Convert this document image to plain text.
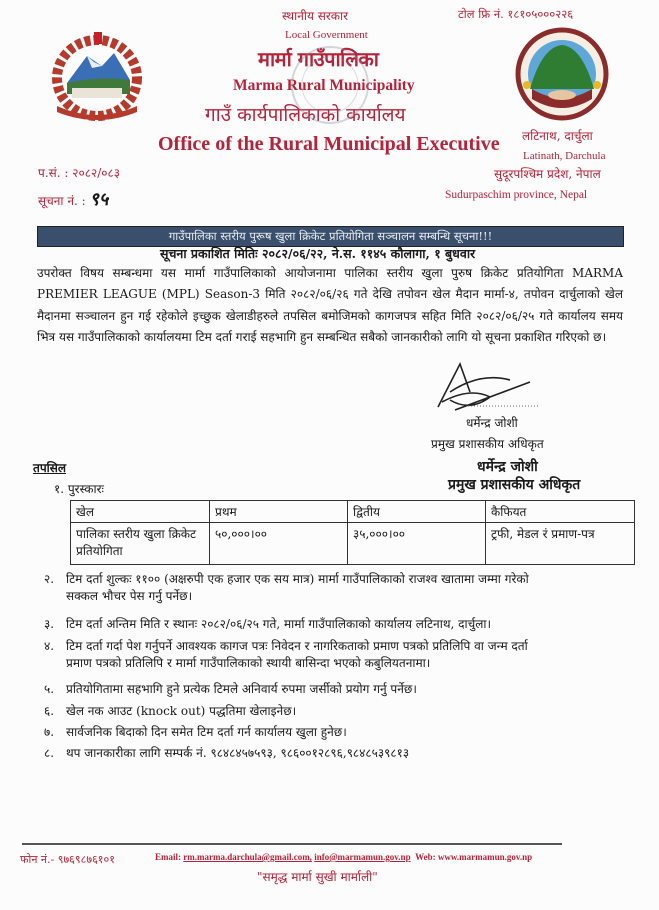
स्थानीय सरकार
Local Government
मार्मा गाउँपालिका
Marma Rural Municipality
गाउँ कार्यपालिकाको कार्यालय
Office of the Rural Municipal Executive
टोल फ्रि नं. १८१०५०००२२६
लटिनाथ, दार्चुला
Latinath, Darchula
सुदूरपश्चिम प्रदेश, नेपाल
Sudurpaschim province, Nepal
प.सं. : २०८२/०८३
सूचना नं. : ९५
गाउँपालिका स्तरीय पुरूष खुला क्रिकेट प्रतियोगिता सञ्चालन सम्बन्धि सूचना!!!
सूचना प्रकाशित मितिः २०८२/०६/२२, ने.स. ११४५ कौलागा, १ बुधवार
उपरोक्त विषय सम्बन्धमा यस मार्मा गाउँपालिकाको आयोजनामा पालिका स्तरीय खुला पुरुष क्रिकेट प्रतियोगिता MARMA PREMIER LEAGUE (MPL) Season-3 मिति २०८२/०६/२६ गते देखि तपोवन खेल मैदान मार्मा-४, तपोवन दार्चुलाको खेल मैदानमा सञ्चालन हुन गई रहेकोले इच्छुक खेलाडीहरुले तपसिल बमोजिमको कागजपत्र सहित मिति २०८२/०६/२५ गते कार्यालय समय भित्र यस गाउँपालिकाको कार्यालयमा टिम दर्ता गराई सहभागि हुन सम्बन्धित सबैको जानकारीको लागि यो सूचना प्रकाशित गरिएको छ।
धर्मेन्द्र जोशी
प्रमुख प्रशासकीय अधिकृत
धर्मेन्द्र जोशी
प्रमुख प्रशासकीय अधिकृत
तपसिल
१. पुरस्कारः
खेल	प्रथम	द्वितीय	कैफियत
पालिका स्तरीय खुला क्रिकेट प्रतियोगिता	५०,०००।००	३५,०००।००	ट्रफी, मेडल रं प्रमाण-पत्र
२. टिम दर्ता शुल्कः ११०० (अक्षरुपी एक हजार एक सय मात्र) मार्मा गाउँपालिकाको राजश्व खातामा जम्मा गरेको
सक्कल भौचर पेस गर्नु पर्नेछ।
३. टिम दर्ता अन्तिम मिति र स्थानः २०८२/०६/२५ गते, मार्मा गाउँपालिकाको कार्यालय लटिनाथ, दार्चुला।
४. टिम दर्ता गर्दा पेश गर्नुपर्ने आवश्यक कागज पत्रः निवेदन र नागरिकताको प्रमाण पत्रको प्रतिलिपि वा जन्म दर्ता
प्रमाण पत्रको प्रतिलिपि र मार्मा गाउँपालिकाको स्थायी बासिन्दा भएको कबुलियतनामा।
५. प्रतियोगितामा सहभागि हुने प्रत्येक टिमले अनिवार्य रुपमा जर्सीको प्रयोग गर्नु पर्नेछ।
६. खेल नक आउट (knock out) पद्धतिमा खेलाइनेछ।
७. सार्वजनिक बिदाको दिन समेत टिम दर्ता गर्न कार्यालय खुला हुनेछ।
८. थप जानकारीका लागि सम्पर्क नं. ९८४८४५७५९३, ९८६००१२८९६,९८४८५३९८१३
फोन नं.- ९७६९८७६१०१	Email: rm.marma.darchula@gmail.com, info@marmamun.gov.np Web: www.marmamun.gov.np
"समृद्ध मार्मा सुखी मार्माली"
